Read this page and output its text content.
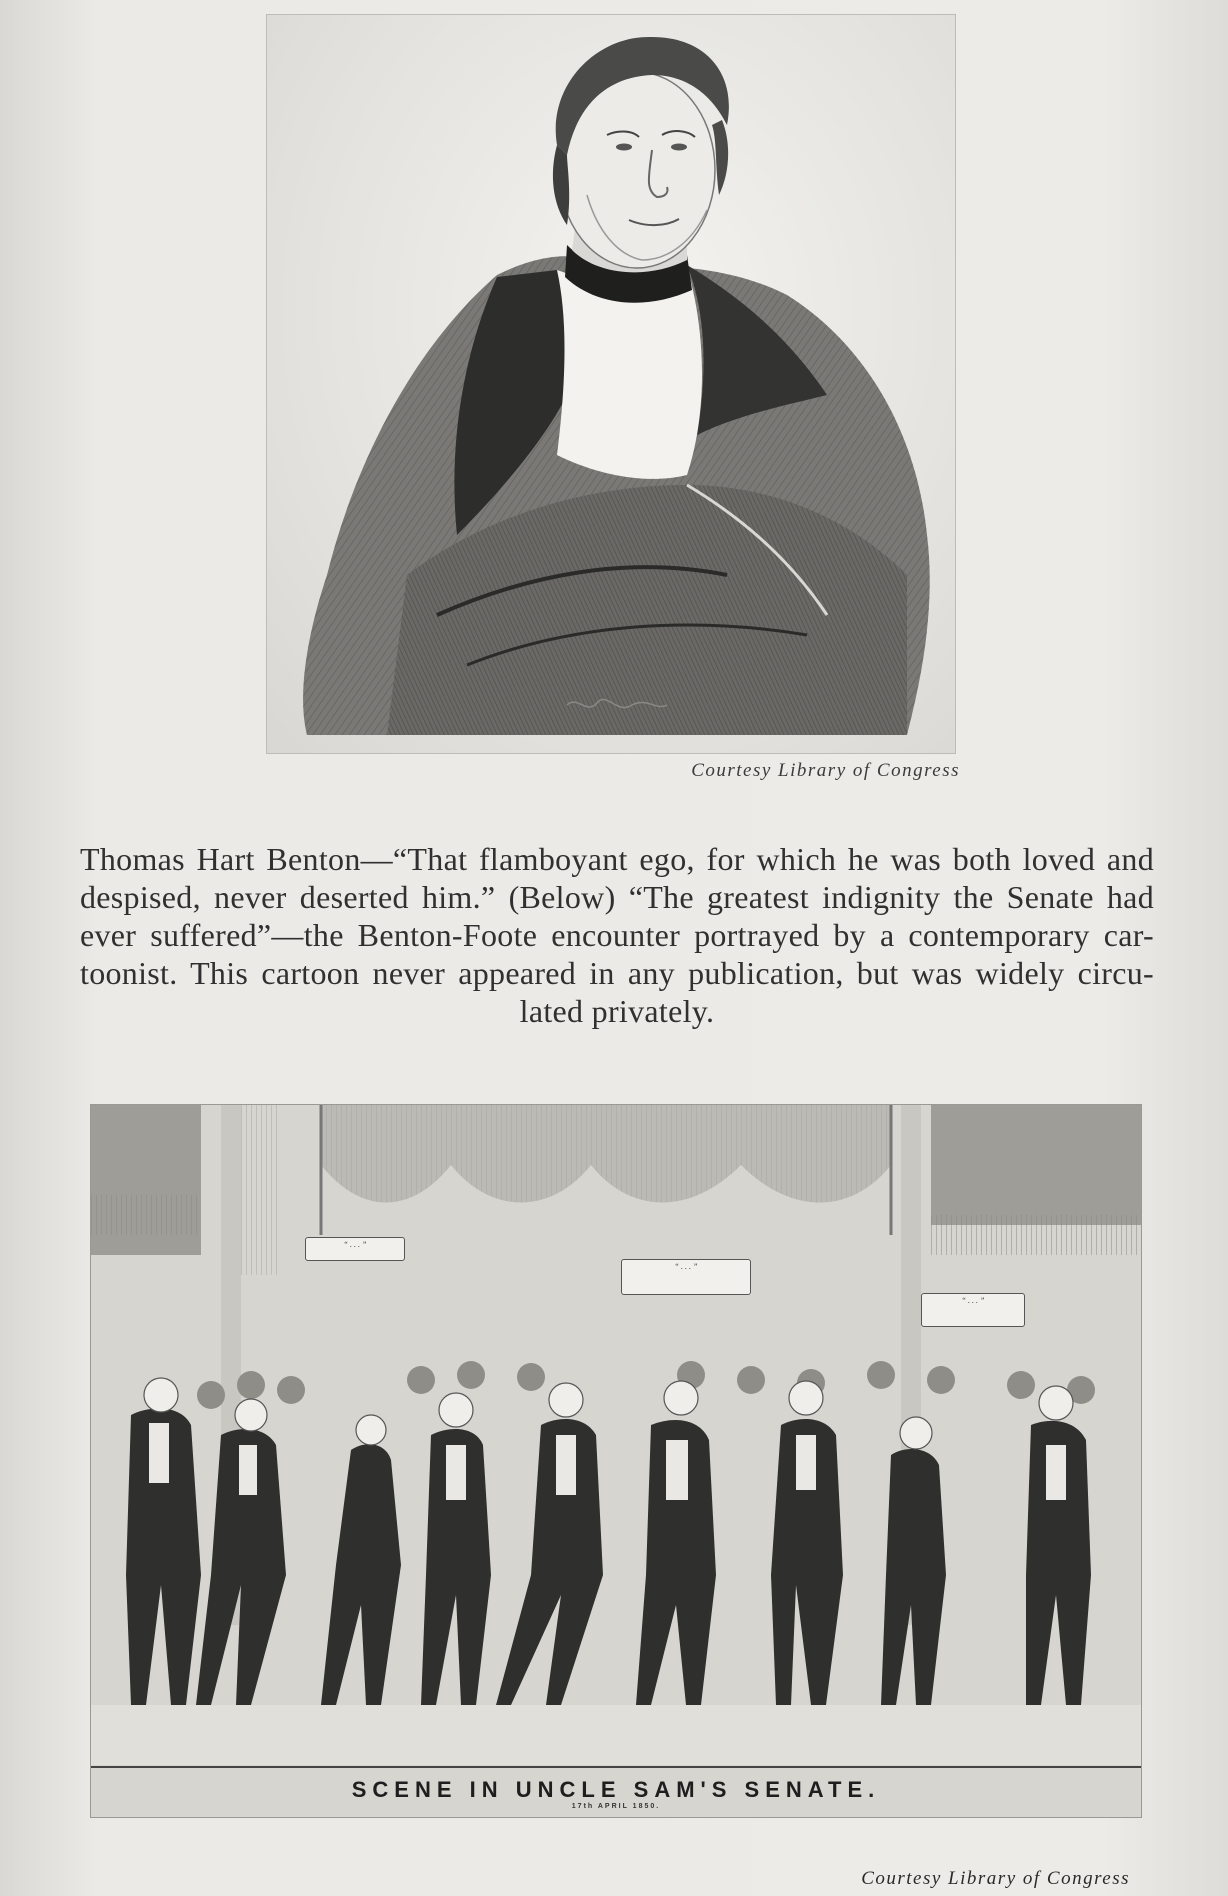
Courtesy Library of Congress
Thomas Hart Benton—“That flamboyant ego, for which he was both loved and despised, never deserted him.” (Below) “The greatest indignity the Senate had ever suffered”—the Benton-Foote encounter portrayed by a contemporary car-toonist. This cartoon never appeared in any publication, but was widely circu-lated privately.
“ . . . ”
“ . . . ”
“ . . . ”
SCENE IN UNCLE SAM'S SENATE.
17th APRIL 1850.
Courtesy Library of Congress
